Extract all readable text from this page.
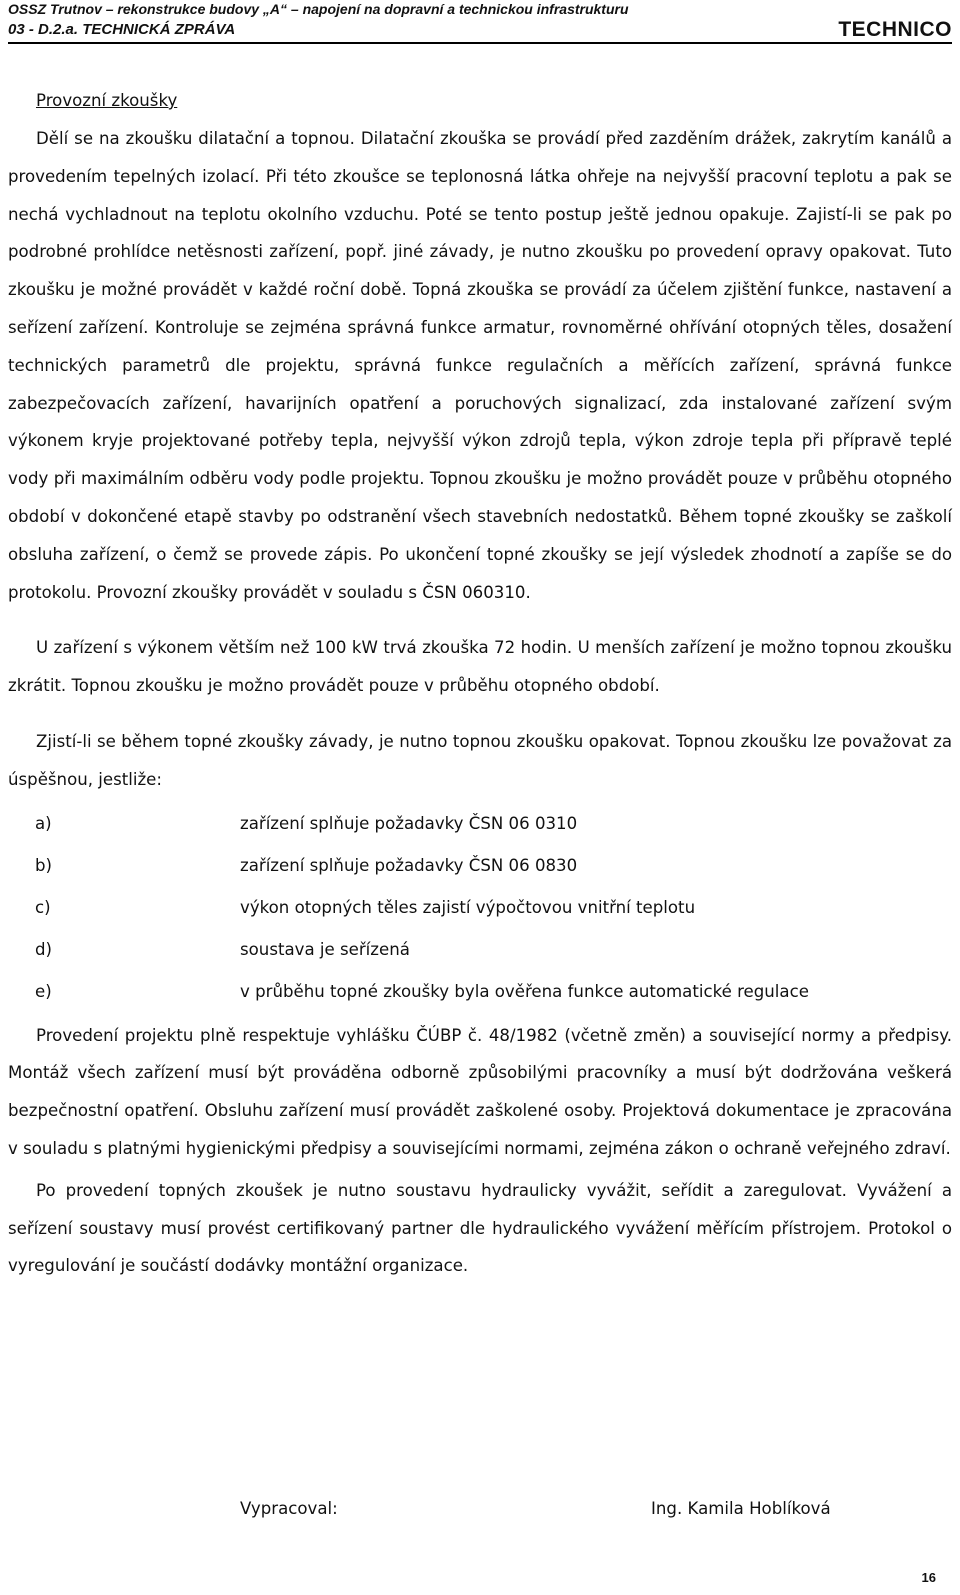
OSSZ Trutnov – rekonstrukce budovy „A“ – napojení na dopravní a technickou infrastrukturu
03 - D.2.a. TECHNICKÁ ZPRÁVA	TECHNICO

Provozní zkoušky

Dělí se na zkoušku dilatační a topnou. Dilatační zkouška se provádí před zazděním drážek, zakrytím kanálů a provedením tepelných izolací. Při této zkoušce se teplonosná látka ohřeje na nejvyšší pracovní teplotu a pak se nechá vychladnout na teplotu okolního vzduchu. Poté se tento postup ještě jednou opakuje. Zajistí-li se pak po podrobné prohlídce netěsnosti zařízení, popř. jiné závady, je nutno zkoušku po provedení opravy opakovat. Tuto zkoušku je možné provádět v každé roční době. Topná zkouška se provádí za účelem zjištění funkce, nastavení a seřízení zařízení. Kontroluje se zejména správná funkce armatur, rovnoměrné ohřívání otopných těles, dosažení technických parametrů dle projektu, správná funkce regulačních a měřících zařízení, správná funkce zabezpečovacích zařízení, havarijních opatření a poruchových signalizací, zda instalované zařízení svým výkonem kryje projektované potřeby tepla, nejvyšší výkon zdrojů tepla, výkon zdroje tepla při přípravě teplé vody při maximálním odběru vody podle projektu. Topnou zkoušku je možno provádět pouze v průběhu otopného období v dokončené etapě stavby po odstranění všech stavebních nedostatků. Během topné zkoušky se zaškolí obsluha zařízení, o čemž se provede zápis. Po ukončení topné zkoušky se její výsledek zhodnotí a zapíše se do protokolu. Provozní zkoušky provádět v souladu s ČSN 060310.

U zařízení s výkonem větším než 100 kW trvá zkouška 72 hodin. U menších zařízení je možno topnou zkoušku zkrátit. Topnou zkoušku je možno provádět pouze v průběhu otopného období.

Zjistí-li se během topné zkoušky závady, je nutno topnou zkoušku opakovat. Topnou zkoušku lze považovat za úspěšnou, jestliže:

a)	zařízení splňuje požadavky ČSN 06 0310
b)	zařízení splňuje požadavky ČSN 06 0830
c)	výkon otopných těles zajistí výpočtovou vnitřní teplotu
d)	soustava je seřízená
e)	v průběhu topné zkoušky byla ověřena funkce automatické regulace

Provedení projektu plně respektuje vyhlášku ČÚBP č. 48/1982 (včetně změn) a související normy a předpisy. Montáž všech zařízení musí být prováděna odborně způsobilými pracovníky a musí být dodržována veškerá bezpečnostní opatření. Obsluhu zařízení musí provádět zaškolené osoby. Projektová dokumentace je zpracována v souladu s platnými hygienickými předpisy a souvisejícími normami, zejména zákon o ochraně veřejného zdraví.

Po provedení topných zkoušek je nutno soustavu hydraulicky vyvážit, seřídit a zaregulovat. Vyvážení a seřízení soustavy musí provést certifikovaný partner dle hydraulického vyvážení měřícím přístrojem. Protokol o vyregulování je součástí dodávky montážní organizace.

Vypracoval:	Ing. Kamila Hoblíková
16
